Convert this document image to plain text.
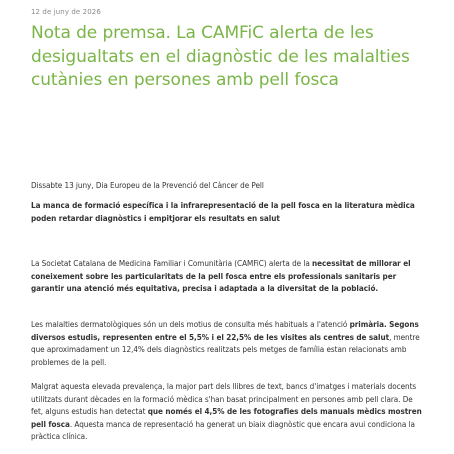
12 de juny de 2026
Nota de premsa. La CAMFiC alerta de les desigualtats en el diagnòstic de les malalties cutànies en persones amb pell fosca

Dissabte 13 juny, Dia Europeu de la Prevenció del Càncer de Pell

La manca de formació específica i la infrarepresentació de la pell fosca en la literatura mèdica poden retardar diagnòstics i empitjorar els resultats en salut

La Societat Catalana de Medicina Familiar i Comunitària (CAMFiC) alerta de la necessitat de millorar el coneixement sobre les particularitats de la pell fosca entre els professionals sanitaris per garantir una atenció més equitativa, precisa i adaptada a la diversitat de la població.

Les malalties dermatològiques són un dels motius de consulta més habituals a l'atenció primària. Segons diversos estudis, representen entre el 5,5% i el 22,5% de les visites als centres de salut, mentre que aproximadament un 12,4% dels diagnòstics realitzats pels metges de família estan relacionats amb problemes de la pell.

Malgrat aquesta elevada prevalença, la major part dels llibres de text, bancs d'imatges i materials docents utilitzats durant dècades en la formació mèdica s'han basat principalment en persones amb pell clara. De fet, alguns estudis han detectat que només el 4,5% de les fotografies dels manuals mèdics mostren pell fosca. Aquesta manca de representació ha generat un biaix diagnòstic que encara avui condiciona la pràctica clínica.
